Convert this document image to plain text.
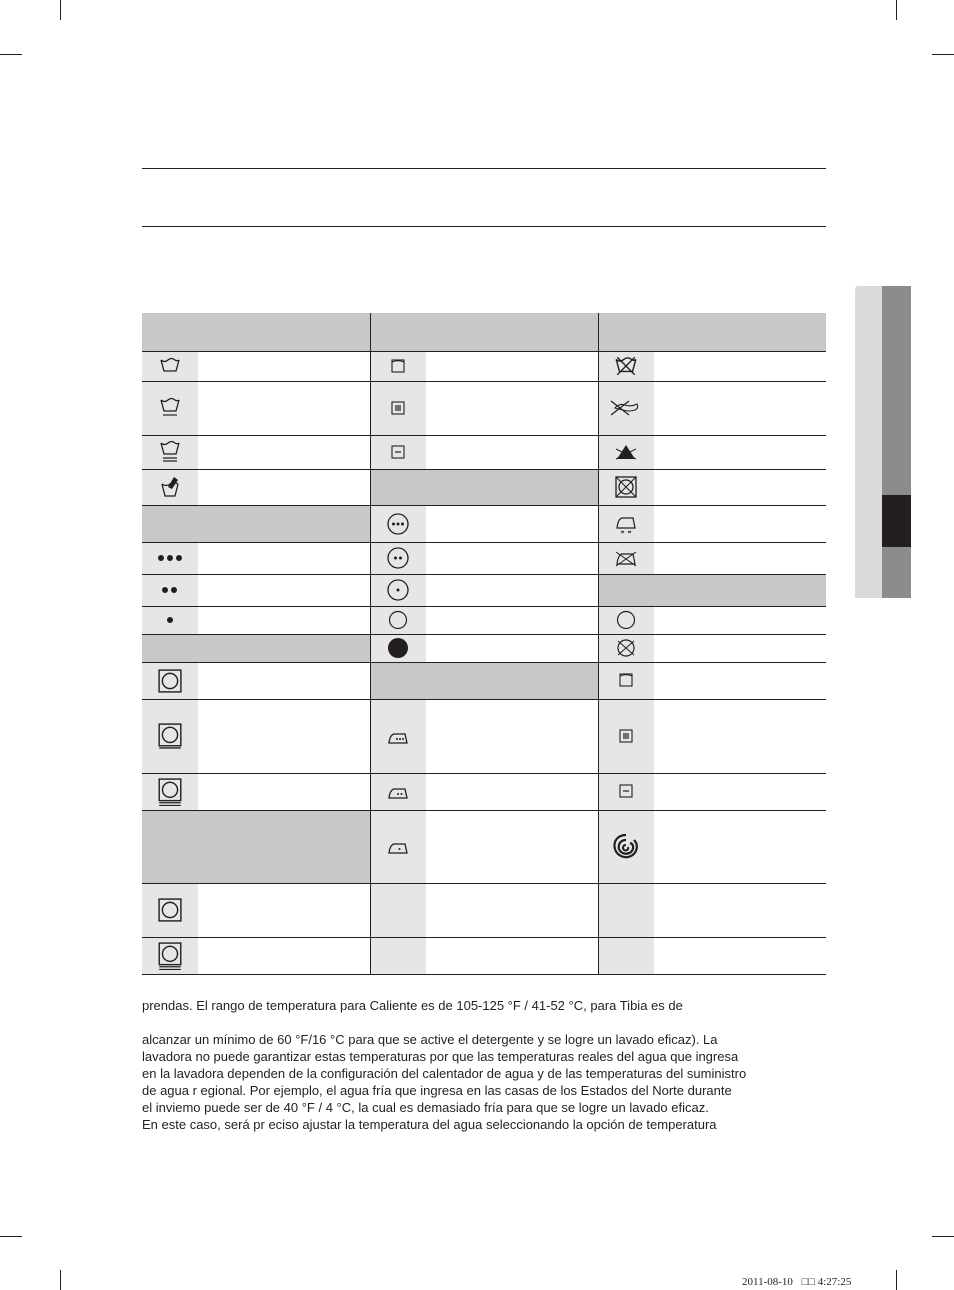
prendas. El rango de temperatura para Caliente es de 105-125 °F / 41-52 °C, para Tibia es de

alcanzar un mínimo de 60 °F/16 °C para que se active el detergente y se logre un lavado eficaz). La

lavadora no puede garantizar estas temperaturas por que las temperaturas reales del agua que ingresa

en la lavadora dependen de la configuración del calentador de agua y de las temperaturas del suministro

de agua r egional. Por ejemplo, el agua fría que ingresa en las casas de los Estados del Norte durante

el inviemo puede ser de 40 °F / 4 °C, la cual es demasiado fría para que se logre un lavado eficaz.

En este caso, será pr eciso ajustar la temperatura del agua seleccionando la opción de temperatura

2011-08-10 □□ 4:27:25
